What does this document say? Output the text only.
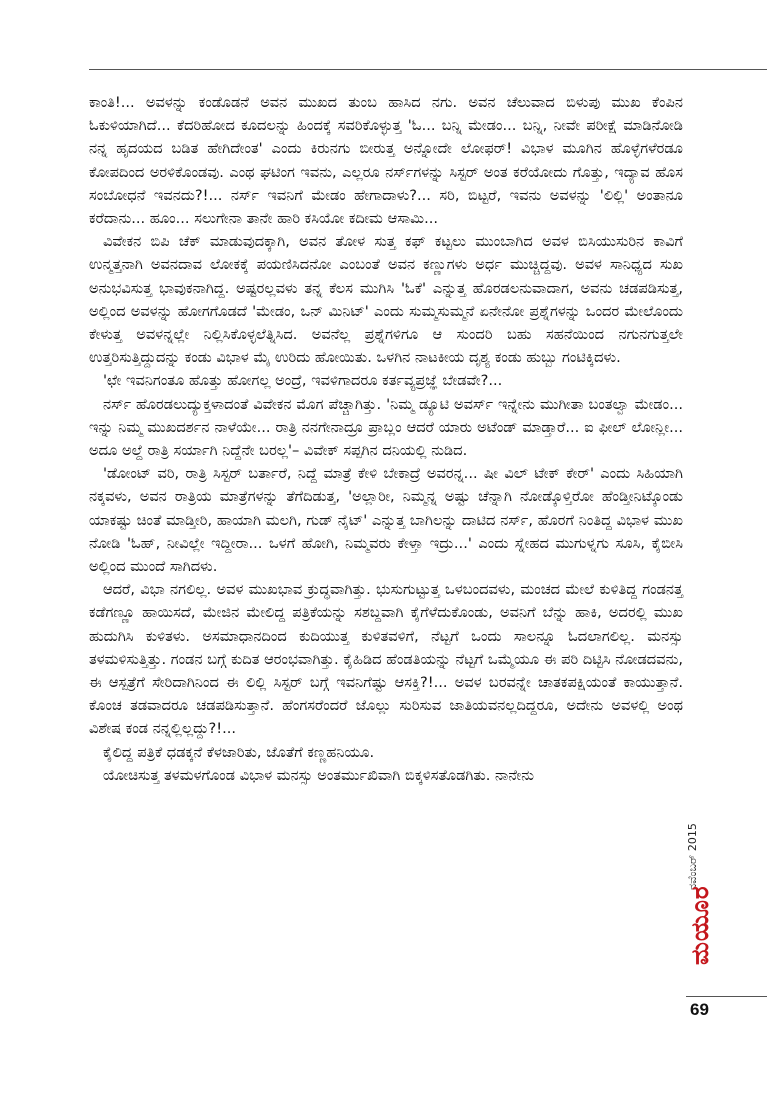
ಕಾಂತಿ!... ಅವಳನ್ನು ಕಂಡೊಡನೆ ಅವನ ಮುಖದ ತುಂಬ ಹಾಸಿದ ನಗು. ಅವನ ಚೆಲುವಾದ ಬಿಳುಪು ಮುಖ ಕೆಂಪಿನ ಓಕುಳಿಯಾಗಿದೆ... ಕೆದರಿಹೋದ ಕೂದಲನ್ನು ಹಿಂದಕ್ಕೆ ಸವರಿಕೊಳ್ಳುತ್ತ 'ಓ... ಬನ್ನಿ ಮೇಡಂ... ಬನ್ನಿ, ನೀವೇ ಪರೀಕ್ಷೆ ಮಾಡಿನೋಡಿ ನನ್ನ ಹೃದಯದ ಬಡಿತ ಹೇಗಿದೇಂತ' ಎಂದು ಕಿರುನಗು ಬೀರುತ್ತ ಅನ್ನೋದೇ ಲೋಫರ್! ವಿಭಾಳ ಮೂಗಿನ ಹೊಳ್ಳೆಗಳೆರಡೂ ಕೋಪದಿಂದ ಅರಳಿಕೊಂಡವು. ಎಂಥ ಘಟಿಂಗ ಇವನು, ಎಲ್ಲರೂ ನರ್ಸ್‌ಗಳನ್ನು ಸಿಸ್ಟರ್ ಅಂತ ಕರೆಯೋದು ಗೊತ್ತು, ಇದ್ಯಾವ ಹೊಸ ಸಂಬೋಧನೆ ಇವನದು?!... ನರ್ಸ್ ಇವನಿಗೆ ಮೇಡಂ ಹೇಗಾದಾಳು?... ಸರಿ, ಬಿಟ್ಟರೆ, ಇವನು ಅವಳನ್ನು 'ಲಿಲ್ಲಿ' ಅಂತಾನೂ ಕರೆದಾನು... ಹೂಂ... ಸಲುಗೇನಾ ತಾನೇ ಹಾರಿ ಕಸಿಯೋ ಕದೀಮ ಆಸಾಮಿ...

ವಿವೇಕನ ಬಿಪಿ ಚೆಕ್ ಮಾಡುವುದಕ್ಕಾಗಿ, ಅವನ ತೋಳ ಸುತ್ತ ಕಫ್ ಕಟ್ಟಲು ಮುಂಬಾಗಿದ ಅವಳ ಬಿಸಿಯುಸುರಿನ ಕಾವಿಗೆ ಉನ್ಮತ್ತನಾಗಿ ಅವನದಾವ ಲೋಕಕ್ಕೆ ಪಯಣಿಸಿದನೋ ಎಂಬಂತೆ ಅವನ ಕಣ್ಣುಗಳು ಅರ್ಧ ಮುಚ್ಚಿದ್ದವು. ಅವಳ ಸಾನಿಧ್ಯದ ಸುಖ ಅನುಭವಿಸುತ್ತ ಭಾವುಕನಾಗಿದ್ದ. ಅಷ್ಟರಲ್ಲವಳು ತನ್ನ ಕೆಲಸ ಮುಗಿಸಿ 'ಓಕೆ' ಎನ್ನುತ್ತ ಹೊರಡಲನುವಾದಾಗ, ಅವನು ಚಡಪಡಿಸುತ್ತ, ಅಲ್ಲಿಂದ ಅವಳನ್ನು ಹೋಗಗೊಡದೆ 'ಮೇಡಂ, ಒನ್ ಮಿನಿಟ್' ಎಂದು ಸುಮ್ಮಸುಮ್ಮನೆ ಏನೇನೋ ಪ್ರಶ್ನೆಗಳನ್ನು ಒಂದರ ಮೇಲೊಂದು ಕೇಳುತ್ತ ಅವಳನ್ನಲ್ಲೇ ನಿಲ್ಲಿಸಿಕೊಳ್ಳಲೆತ್ನಿಸಿದ. ಅವನೆಲ್ಲ ಪ್ರಶ್ನೆಗಳಿಗೂ ಆ ಸುಂದರಿ ಬಹು ಸಹನೆಯಿಂದ ನಗುನಗುತ್ತಲೇ ಉತ್ತರಿಸುತ್ತಿದ್ದುದನ್ನು ಕಂಡು ವಿಭಾಳ ಮೈ ಉರಿದು ಹೋಯಿತು. ಒಳಗಿನ ನಾಟಕೀಯ ದೃಶ್ಯ ಕಂಡು ಹುಬ್ಬು ಗಂಟಿಕ್ಕಿದಳು.

'ಛೇ ಇವನಿಗಂತೂ ಹೊತ್ತು ಹೋಗಲ್ಲ ಅಂದ್ರೆ, ಇವಳಿಗಾದರೂ ಕರ್ತವ್ಯಪ್ರಜ್ಞೆ ಬೇಡವೇ?...

ನರ್ಸ್ ಹೊರಡಲುದ್ಯುಕ್ತಳಾದಂತೆ ವಿವೇಕನ ಮೊಗ ಪೆಚ್ಚಾಗಿತ್ತು. 'ನಿಮ್ಮ ಡ್ಯೂಟಿ ಅವರ್ಸ್ ಇನ್ನೇನು ಮುಗೀತಾ ಬಂತಲ್ವಾ ಮೇಡಂ... ಇನ್ನು ನಿಮ್ಮ ಮುಖದರ್ಶನ ನಾಳೆಯೇ... ರಾತ್ರಿ ನನಗೇನಾದ್ರೂ ಪ್ರಾಬ್ಲಂ ಆದರೆ ಯಾರು ಅಟೆಂಡ್ ಮಾಡ್ತಾರೆ... ಐ ಫೀಲ್ ಲೋನ್ಲೀ... ಅದೂ ಅಲ್ದೆ ರಾತ್ರಿ ಸರ್ಯಾಗಿ ನಿದ್ದೆನೇ ಬರಲ್ಲ'– ವಿವೇಕ್ ಸಪ್ಪಗಿನ ದನಿಯಲ್ಲಿ ನುಡಿದ.

'ಡೋಂಟ್ ವರಿ, ರಾತ್ರಿ ಸಿಸ್ಟರ್ ಬರ್ತಾರೆ, ನಿದ್ದೆ ಮಾತ್ರೆ ಕೇಳಿ ಬೇಕಾದ್ರೆ ಅವರನ್ನ... ಷೀ ವಿಲ್ ಟೇಕ್ ಕೇರ್' ಎಂದು ಸಿಹಿಯಾಗಿ ನಕ್ಕವಳು, ಅವನ ರಾತ್ರಿಯ ಮಾತ್ರೆಗಳನ್ನು ತೆಗೆದಿಡುತ್ತ, 'ಅಲ್ಲಾರೀ, ನಿಮ್ಮನ್ನ ಅಷ್ಟು ಚೆನ್ನಾಗಿ ನೋಡ್ಕೊಳ್ತಿರೋ ಹೆಂಡ್ತೀನಿಟ್ಕೊಂಡು ಯಾಕಷ್ಟು ಚಿಂತೆ ಮಾಡ್ತೀರಿ, ಹಾಯಾಗಿ ಮಲಗಿ, ಗುಡ್ ನೈಟ್' ಎನ್ನುತ್ತ ಬಾಗಿಲನ್ನು ದಾಟಿದ ನರ್ಸ್, ಹೊರಗೆ ನಿಂತಿದ್ದ ವಿಭಾಳ ಮುಖ ನೋಡಿ 'ಓಹ್, ನೀವಿಲ್ಲೇ ಇದ್ದೀರಾ... ಒಳಗೆ ಹೋಗಿ, ನಿಮ್ಮವರು ಕೇಳ್ತಾ ಇದ್ರು...' ಎಂದು ಸ್ನೇಹದ ಮುಗುಳ್ನಗು ಸೂಸಿ, ಕೈಬೀಸಿ ಅಲ್ಲಿಂದ ಮುಂದೆ ಸಾಗಿದಳು.

ಆದರೆ, ವಿಭಾ ನಗಲಿಲ್ಲ. ಅವಳ ಮುಖಭಾವ ಕ್ರುದ್ಧವಾಗಿತ್ತು. ಭುಸುಗುಟ್ಟುತ್ತ ಒಳಬಂದವಳು, ಮಂಚದ ಮೇಲೆ ಕುಳಿತಿದ್ದ ಗಂಡನತ್ತ ಕಡೆಗಣ್ಣೂ ಹಾಯಿಸದೆ, ಮೇಜಿನ ಮೇಲಿದ್ದ ಪತ್ರಿಕೆಯನ್ನು ಸಶಬ್ದವಾಗಿ ಕೈಗೆಳೆದುಕೊಂಡು, ಅವನಿಗೆ ಬೆನ್ನು ಹಾಕಿ, ಅದರಲ್ಲಿ ಮುಖ ಹುದುಗಿಸಿ ಕುಳಿತಳು. ಅಸಮಾಧಾನದಿಂದ ಕುದಿಯುತ್ತ ಕುಳಿತವಳಿಗೆ, ನೆಟ್ಟಗೆ ಒಂದು ಸಾಲನ್ನೂ ಓದಲಾಗಲಿಲ್ಲ. ಮನಸ್ಸು ತಳಮಳಿಸುತ್ತಿತ್ತು. ಗಂಡನ ಬಗ್ಗೆ ಕುದಿತ ಆರಂಭವಾಗಿತ್ತು. ಕೈಹಿಡಿದ ಹೆಂಡತಿಯನ್ನು ನೆಟ್ಟಗೆ ಒಮ್ಮೆಯೂ ಈ ಪರಿ ದಿಟ್ಟಿಸಿ ನೋಡದವನು, ಈ ಆಸ್ಪತ್ರೆಗೆ ಸೇರಿದಾಗಿನಿಂದ ಈ ಲಿಲ್ಲಿ ಸಿಸ್ಟರ್ ಬಗ್ಗೆ ಇವನಿಗೆಷ್ಟು ಆಸಕ್ತಿ?!... ಅವಳ ಬರವನ್ನೇ ಚಾತಕಪಕ್ಷಿಯಂತೆ ಕಾಯುತ್ತಾನೆ. ಕೊಂಚ ತಡವಾದರೂ ಚಡಪಡಿಸುತ್ತಾನೆ. ಹೆಂಗಸರೆಂದರೆ ಜೊಲ್ಲು ಸುರಿಸುವ ಜಾತಿಯವನಲ್ಲದಿದ್ದರೂ, ಅದೇನು ಅವಳಲ್ಲಿ ಅಂಥ ವಿಶೇಷ ಕಂಡ ನನ್ನಲ್ಲಿಲ್ಲದ್ದು?!...

ಕೈಲಿದ್ದ ಪತ್ರಿಕೆ ಧಡಕ್ಕನೆ ಕೆಳಜಾರಿತು, ಜೊತೆಗೆ ಕಣ್ಣಹನಿಯೂ.

ಯೋಚಿಸುತ್ತ ತಳಮಳಗೊಂಡ ವಿಭಾಳ ಮನಸ್ಸು ಅಂತರ್ಮುಖಿವಾಗಿ ಬಿಕ್ಕಳಿಸತೊಡಗಿತು. ನಾನೇನು

ನವೆಂಬರ್ 2015
ಮಯೂರ
69
